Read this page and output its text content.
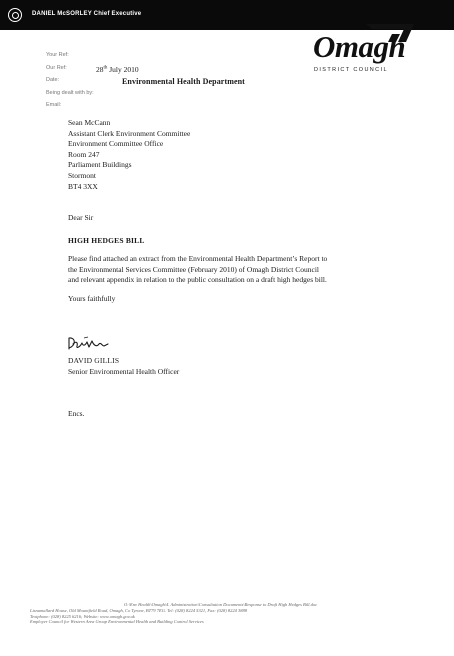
DANIEL McSORLEY Chief Executive
Omagh
DISTRICT COUNCIL
Your Ref:
Our Ref:
Date:
Being dealt with by:
Email:
28th July 2010
Environmental Health Department
Sean McCann
Assistant Clerk Environment Committee
Environment Committee Office
Room 247
Parliament Buildings
Stormont
BT4 3XX
Dear Sir
HIGH HEDGES BILL
Please find attached an extract from the Environmental Health Department’s Report to
the Environmental Services Committee (February 2010) of Omagh District Council
and relevant appendix in relation to the public consultation on a draft high hedges bill.
Yours faithfully
DAVID GILLIS
Senior Environmental Health Officer
Encs.
O:\Env Health\Omagh\4. Administration\Consultation Documents\Response to Draft High Hedges Bill.doc
Lisnamallard House, Old Mountfield Road, Omagh, Co Tyrone, BT79 7EG. Tel: (028) 8224 5321, Fax: (028) 8224 3888
Textphone: (028) 8225 6216; Website: www.omagh.gov.uk
Employer Council for Western Area Group Environmental Health and Building Control Services
